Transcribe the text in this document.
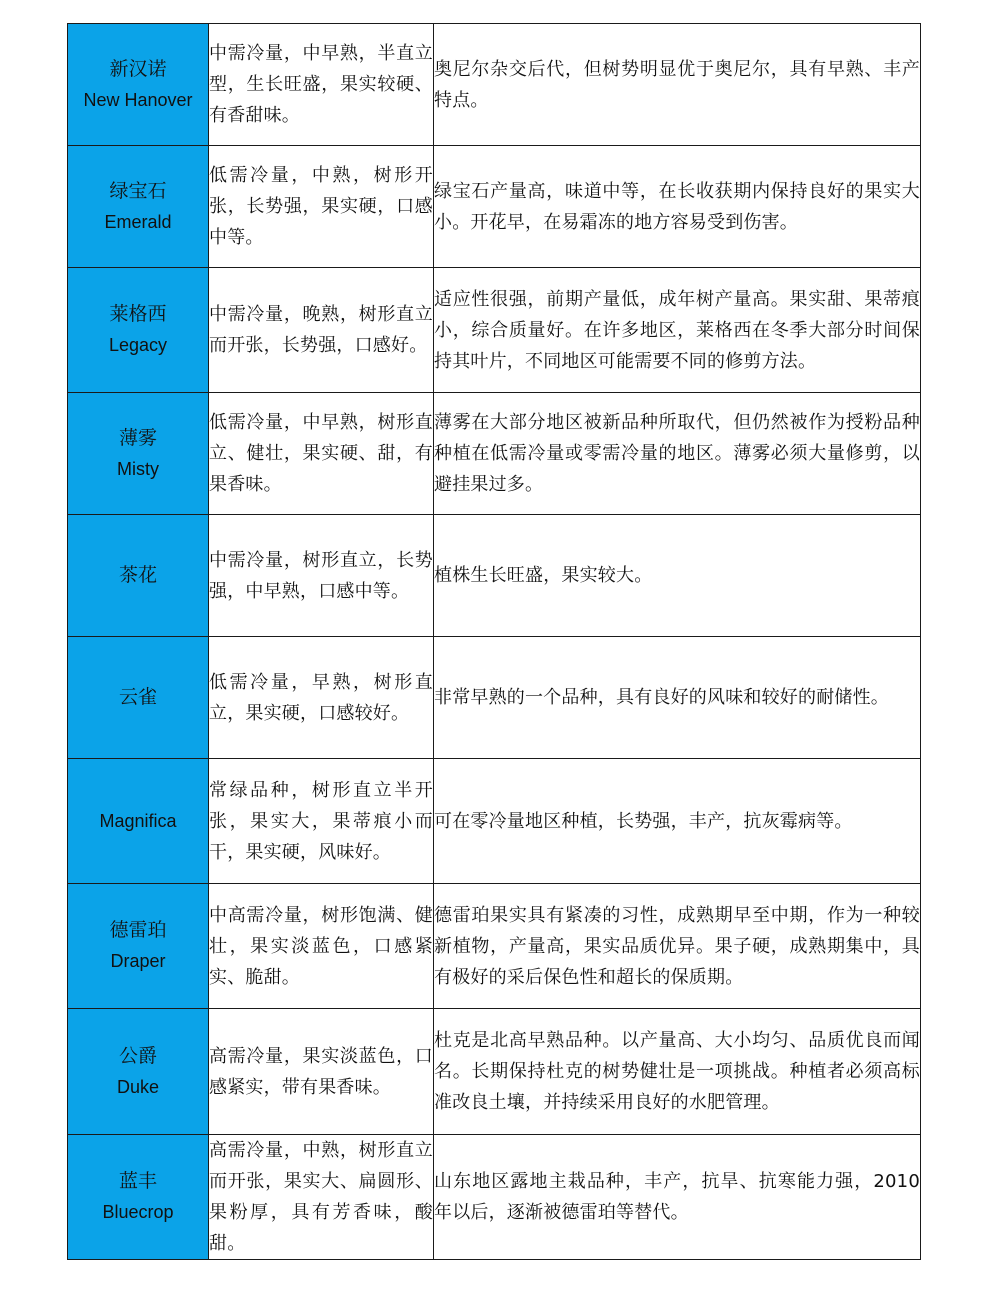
新汉诺
New Hanover	中需冷量，中早熟，半直立型，生长旺盛，果实较硬、有香甜味。	奥尼尔杂交后代，但树势明显优于奥尼尔，具有早熟、丰产特点。

绿宝石
Emerald	低需冷量，中熟，树形开张，长势强，果实硬，口感中等。	绿宝石产量高，味道中等，在长收获期内保持良好的果实大小。开花早，在易霜冻的地方容易受到伤害。

莱格西
Legacy	中需冷量，晚熟，树形直立而开张，长势强，口感好。	适应性很强，前期产量低，成年树产量高。果实甜、果蒂痕小，综合质量好。在许多地区，莱格西在冬季大部分时间保持其叶片，不同地区可能需要不同的修剪方法。

薄雾
Misty	低需冷量，中早熟，树形直立、健壮，果实硬、甜，有果香味。	薄雾在大部分地区被新品种所取代，但仍然被作为授粉品种种植在低需冷量或零需冷量的地区。薄雾必须大量修剪，以避挂果过多。

茶花	中需冷量，树形直立，长势强，中早熟，口感中等。	植株生长旺盛，果实较大。

云雀	低需冷量，早熟，树形直立，果实硬，口感较好。	非常早熟的一个品种，具有良好的风味和较好的耐储性。

Magnifica	常绿品种，树形直立半开张，果实大，果蒂痕小而干，果实硬，风味好。	可在零冷量地区种植，长势强，丰产，抗灰霉病等。

德雷珀
Draper	中高需冷量，树形饱满、健壮，果实淡蓝色，口感紧实、脆甜。	德雷珀果实具有紧凑的习性，成熟期早至中期，作为一种较新植物，产量高，果实品质优异。果子硬，成熟期集中，具有极好的采后保色性和超长的保质期。

公爵
Duke	高需冷量，果实淡蓝色，口感紧实，带有果香味。	杜克是北高早熟品种。以产量高、大小均匀、品质优良而闻名。长期保持杜克的树势健壮是一项挑战。种植者必须高标准改良土壤，并持续采用良好的水肥管理。

蓝丰
Bluecrop	高需冷量，中熟，树形直立而开张，果实大、扁圆形、果粉厚，具有芳香味，酸甜。	山东地区露地主栽品种，丰产，抗旱、抗寒能力强，2010 年以后，逐渐被德雷珀等替代。
